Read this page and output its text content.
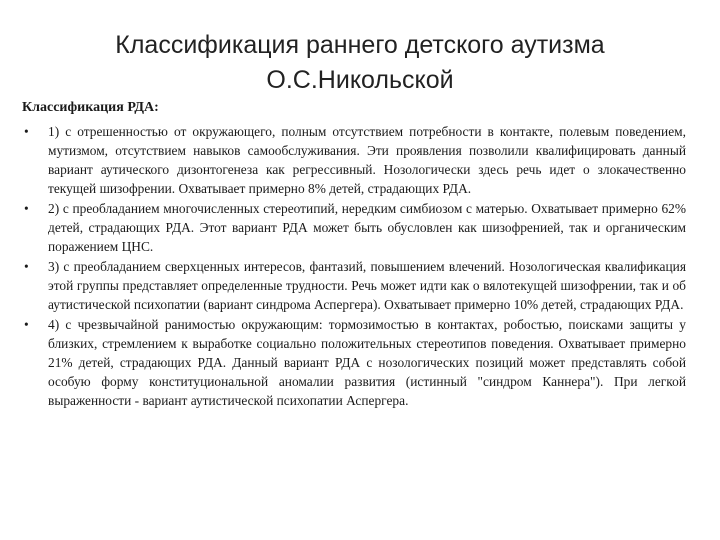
Классификация раннего детского аутизма
О.С.Никольской
Классификация РДА:
• 1) с отрешенностью от окружающего, полным отсутствием потребности в контакте, полевым поведением, мутизмом, отсутствием навыков самообслуживания. Эти проявления позволили квалифицировать данный вариант аутического дизонтогенеза как регрессивный. Нозологически здесь речь идет о злокачественно текущей шизофрении. Охватывает примерно 8% детей, страдающих РДА.
• 2) с преобладанием многочисленных стереотипий, нередким симбиозом с матерью. Охватывает примерно 62% детей, страдающих РДА. Этот вариант РДА может быть обусловлен как шизофренией, так и органическим поражением ЦНС.
• 3) с преобладанием сверхценных интересов, фантазий, повышением влечений. Нозологическая квалификация этой группы представляет определенные трудности. Речь может идти как о вялотекущей шизофрении, так и об аутистической психопатии (вариант синдрома Аспергера). Охватывает примерно 10% детей, страдающих РДА.
• 4) с чрезвычайной ранимостью окружающим: тормозимостью в контактах, робостью, поисками защиты у близких, стремлением к выработке социально положительных стереотипов поведения. Охватывает примерно 21% детей, страдающих РДА. Данный вариант РДА с нозологических позиций может представлять собой особую форму конституциональной аномалии развития (истинный "синдром Каннера"). При легкой выраженности - вариант аутистической психопатии Аспергера.
